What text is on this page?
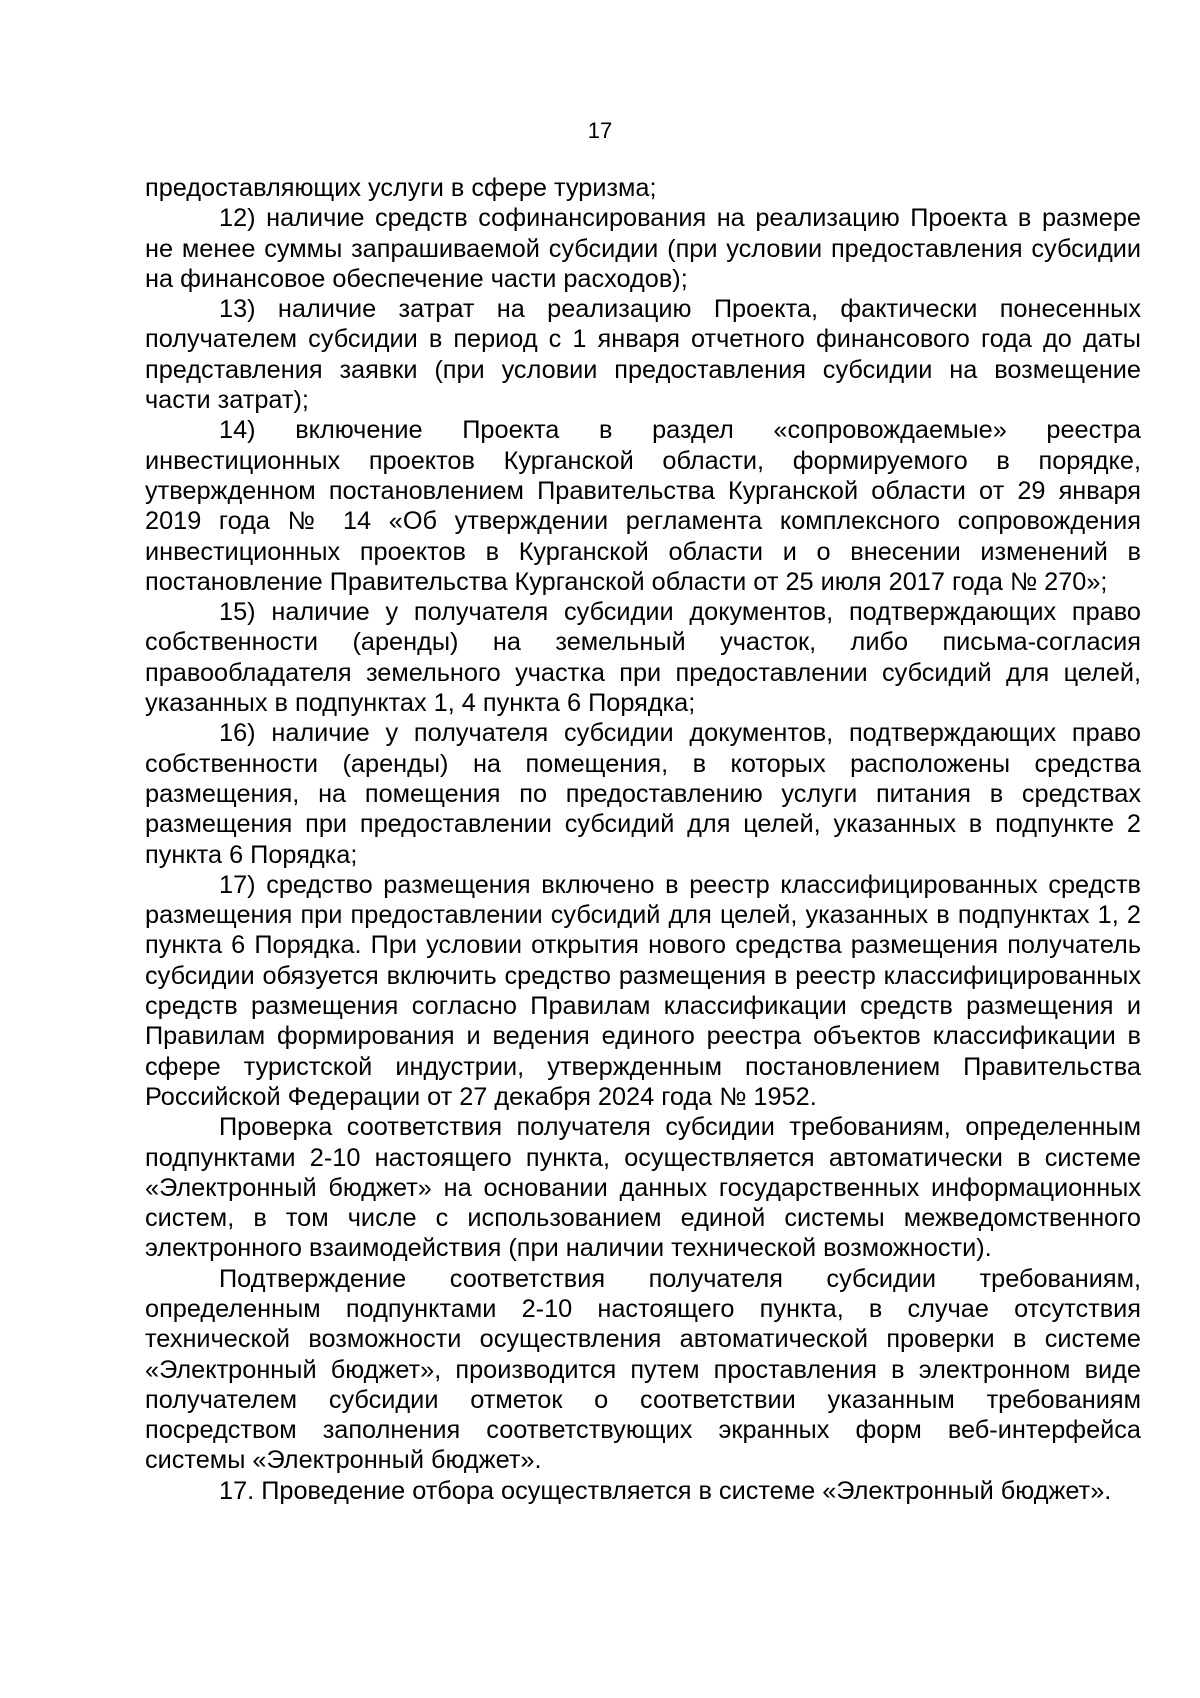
17

предоставляющих услуги в сфере туризма;

12) наличие средств софинансирования на реализацию Проекта в размере не менее суммы запрашиваемой субсидии (при условии предоставления субсидии на финансовое обеспечение части расходов);

13) наличие затрат на реализацию Проекта, фактически понесенных получателем субсидии в период с 1 января отчетного финансового года до даты представления заявки (при условии предоставления субсидии на возмещение части затрат);

14) включение Проекта в раздел «сопровождаемые» реестра инвестиционных проектов Курганской области, формируемого в порядке, утвержденном постановлением Правительства Курганской области от 29 января 2019 года № 14 «Об утверждении регламента комплексного сопровождения инвестиционных проектов в Курганской области и о внесении изменений в постановление Правительства Курганской области от 25 июля 2017 года № 270»;

15) наличие у получателя субсидии документов, подтверждающих право собственности (аренды) на земельный участок, либо письма-согласия правообладателя земельного участка при предоставлении субсидий для целей, указанных в подпунктах 1, 4 пункта 6 Порядка;

16) наличие у получателя субсидии документов, подтверждающих право собственности (аренды) на помещения, в которых расположены средства размещения, на помещения по предоставлению услуги питания в средствах размещения при предоставлении субсидий для целей, указанных в подпункте 2 пункта 6 Порядка;

17) средство размещения включено в реестр классифицированных средств размещения при предоставлении субсидий для целей, указанных в подпунктах 1, 2 пункта 6 Порядка. При условии открытия нового средства размещения получатель субсидии обязуется включить средство размещения в реестр классифицированных средств размещения согласно Правилам классификации средств размещения и Правилам формирования и ведения единого реестра объектов классификации в сфере туристской индустрии, утвержденным постановлением Правительства Российской Федерации от 27 декабря 2024 года № 1952.

Проверка соответствия получателя субсидии требованиям, определенным подпунктами 2-10 настоящего пункта, осуществляется автоматически в системе «Электронный бюджет» на основании данных государственных информационных систем, в том числе с использованием единой системы межведомственного электронного взаимодействия (при наличии технической возможности).

Подтверждение соответствия получателя субсидии требованиям, определенным подпунктами 2-10 настоящего пункта, в случае отсутствия технической возможности осуществления автоматической проверки в системе «Электронный бюджет», производится путем проставления в электронном виде получателем субсидии отметок о соответствии указанным требованиям посредством заполнения соответствующих экранных форм веб-интерфейса системы «Электронный бюджет».

17. Проведение отбора осуществляется в системе «Электронный бюджет».
